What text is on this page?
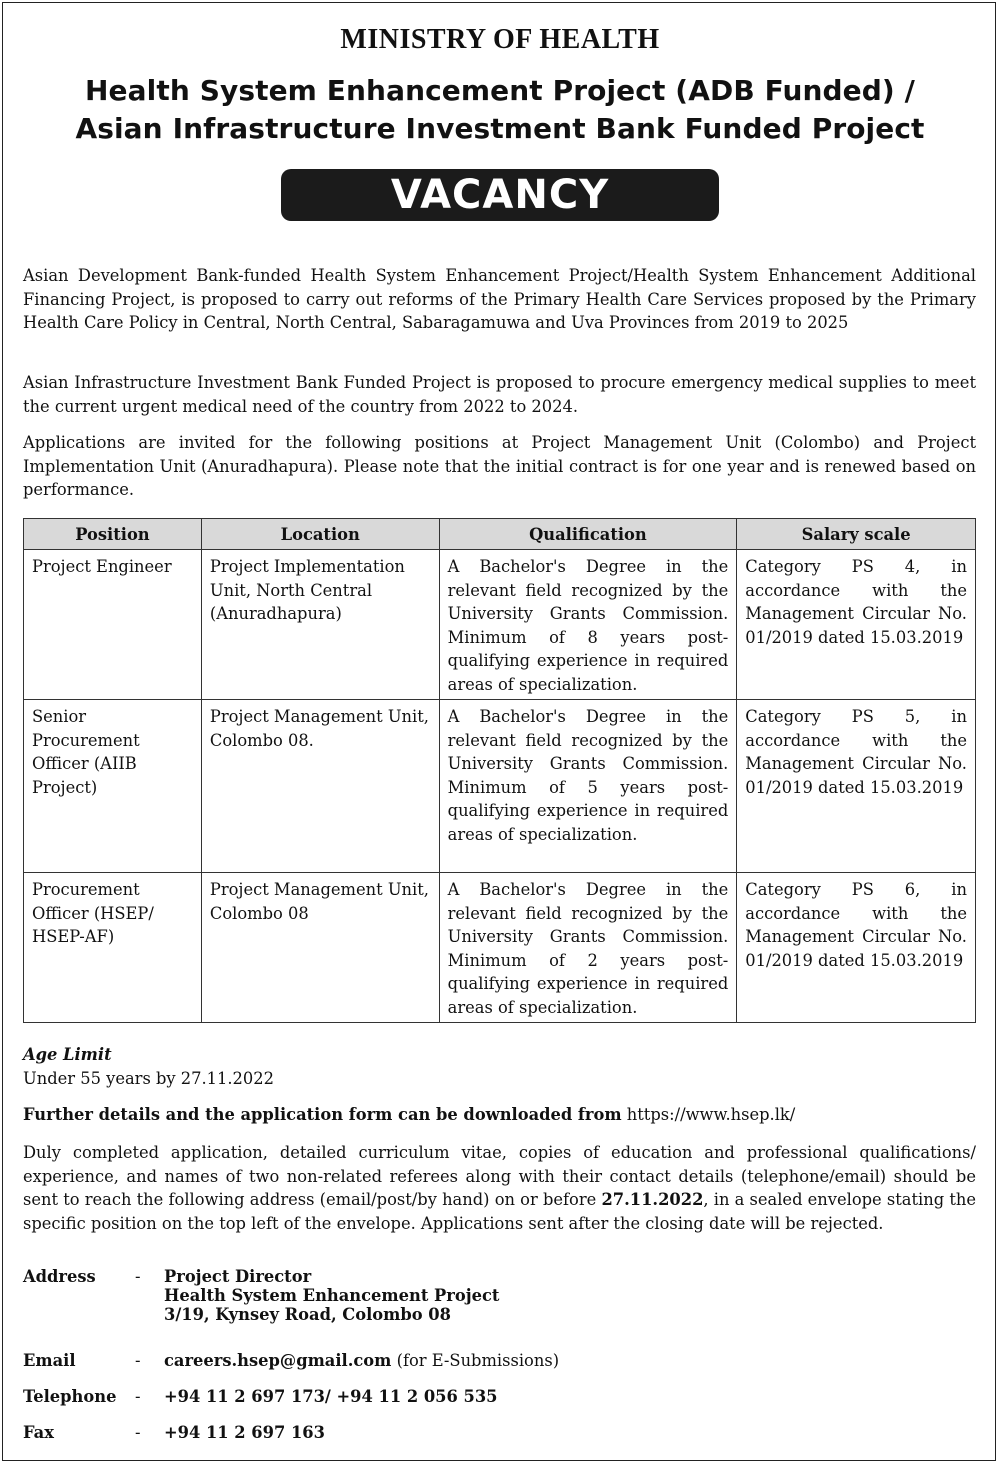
MINISTRY OF HEALTH
Health System Enhancement Project (ADB Funded) /
Asian Infrastructure Investment Bank Funded Project
VACANCY

Asian Development Bank-funded Health System Enhancement Project/Health System Enhancement Additional Financing Project, is proposed to carry out reforms of the Primary Health Care Services proposed by the Primary Health Care Policy in Central, North Central, Sabaragamuwa and Uva Provinces from 2019 to 2025

Asian Infrastructure Investment Bank Funded Project is proposed to procure emergency medical supplies to meet the current urgent medical need of the country from 2022 to 2024.

Applications are invited for the following positions at Project Management Unit (Colombo) and Project Implementation Unit (Anuradhapura). Please note that the initial contract is for one year and is renewed based on performance.

Position	Location	Qualification	Salary scale
Project Engineer	Project Implementation Unit, North Central (Anuradhapura)	A Bachelor's Degree in the relevant field recognized by the University Grants Commission. Minimum of 8 years post-qualifying experience in required areas of specialization.	Category PS 4, in accordance with the Management Circular No. 01/2019 dated 15.03.2019
Senior Procurement Officer (AIIB Project)	Project Management Unit, Colombo 08.	A Bachelor's Degree in the relevant field recognized by the University Grants Commission. Minimum of 5 years post-qualifying experience in required areas of specialization.	Category PS 5, in accordance with the Management Circular No. 01/2019 dated 15.03.2019
Procurement Officer (HSEP/ HSEP-AF)	Project Management Unit, Colombo 08	A Bachelor's Degree in the relevant field recognized by the University Grants Commission. Minimum of 2 years post-qualifying experience in required areas of specialization.	Category PS 6, in accordance with the Management Circular No. 01/2019 dated 15.03.2019
Age Limit
Under 55 years by 27.11.2022
Further details and the application form can be downloaded from https://www.hsep.lk/

Duly completed application, detailed curriculum vitae, copies of education and professional qualifications/ experience, and names of two non-related referees along with their contact details (telephone/email) should be sent to reach the following address (email/post/by hand) on or before 27.11.2022, in a sealed envelope stating the specific position on the top left of the envelope. Applications sent after the closing date will be rejected.

Address - Project Director
Health System Enhancement Project
3/19, Kynsey Road, Colombo 08
Email	- careers.hsep@gmail.com (for E-Submissions)
Telephone - +94 11 2 697 173/ +94 11 2 056 535
Fax	- +94 11 2 697 163
